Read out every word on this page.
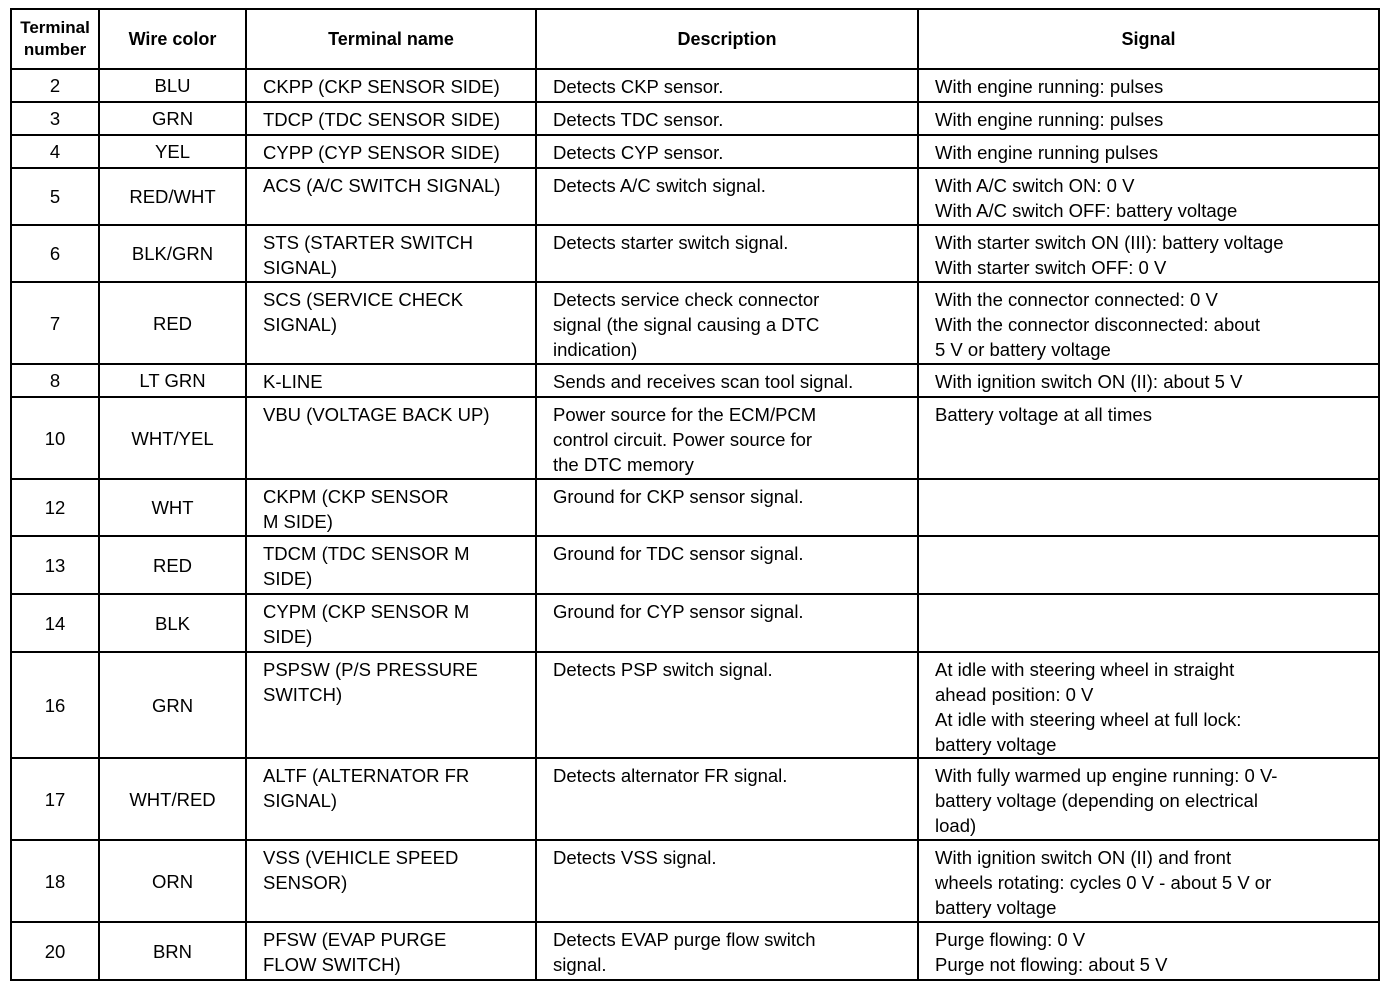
Terminal number	Wire color	Terminal name	Description	Signal
2	BLU	CKPP (CKP SENSOR SIDE)	Detects CKP sensor.	With engine running: pulses
3	GRN	TDCP (TDC SENSOR SIDE)	Detects TDC sensor.	With engine running: pulses
4	YEL	CYPP (CYP SENSOR SIDE)	Detects CYP sensor.	With engine running pulses
5	RED/WHT	ACS (A/C SWITCH SIGNAL)	Detects A/C switch signal.	With A/C switch ON: 0 V
With A/C switch OFF: battery voltage
6	BLK/GRN	STS (STARTER SWITCH
SIGNAL)	Detects starter switch signal.	With starter switch ON (III): battery voltage
With starter switch OFF: 0 V
7	RED	SCS (SERVICE CHECK
SIGNAL)	Detects service check connector
signal (the signal causing a DTC
indication)	With the connector connected: 0 V
With the connector disconnected: about
5 V or battery voltage
8	LT GRN	K-LINE	Sends and receives scan tool signal.	With ignition switch ON (II): about 5 V
10	WHT/YEL	VBU (VOLTAGE BACK UP)	Power source for the ECM/PCM
control circuit. Power source for
the DTC memory	Battery voltage at all times
12	WHT	CKPM (CKP SENSOR
M SIDE)	Ground for CKP sensor signal.	
13	RED	TDCM (TDC SENSOR M
SIDE)	Ground for TDC sensor signal.	
14	BLK	CYPM (CKP SENSOR M
SIDE)	Ground for CYP sensor signal.	
16	GRN	PSPSW (P/S PRESSURE
SWITCH)	Detects PSP switch signal.	At idle with steering wheel in straight
ahead position: 0 V
At idle with steering wheel at full lock:
battery voltage
17	WHT/RED	ALTF (ALTERNATOR FR
SIGNAL)	Detects alternator FR signal.	With fully warmed up engine running: 0 V-
battery voltage (depending on electrical
load)
18	ORN	VSS (VEHICLE SPEED
SENSOR)	Detects VSS signal.	With ignition switch ON (II) and front
wheels rotating: cycles 0 V - about 5 V or
battery voltage
20	BRN	PFSW (EVAP PURGE
FLOW SWITCH)	Detects EVAP purge flow switch
signal.	Purge flowing: 0 V
Purge not flowing: about 5 V
